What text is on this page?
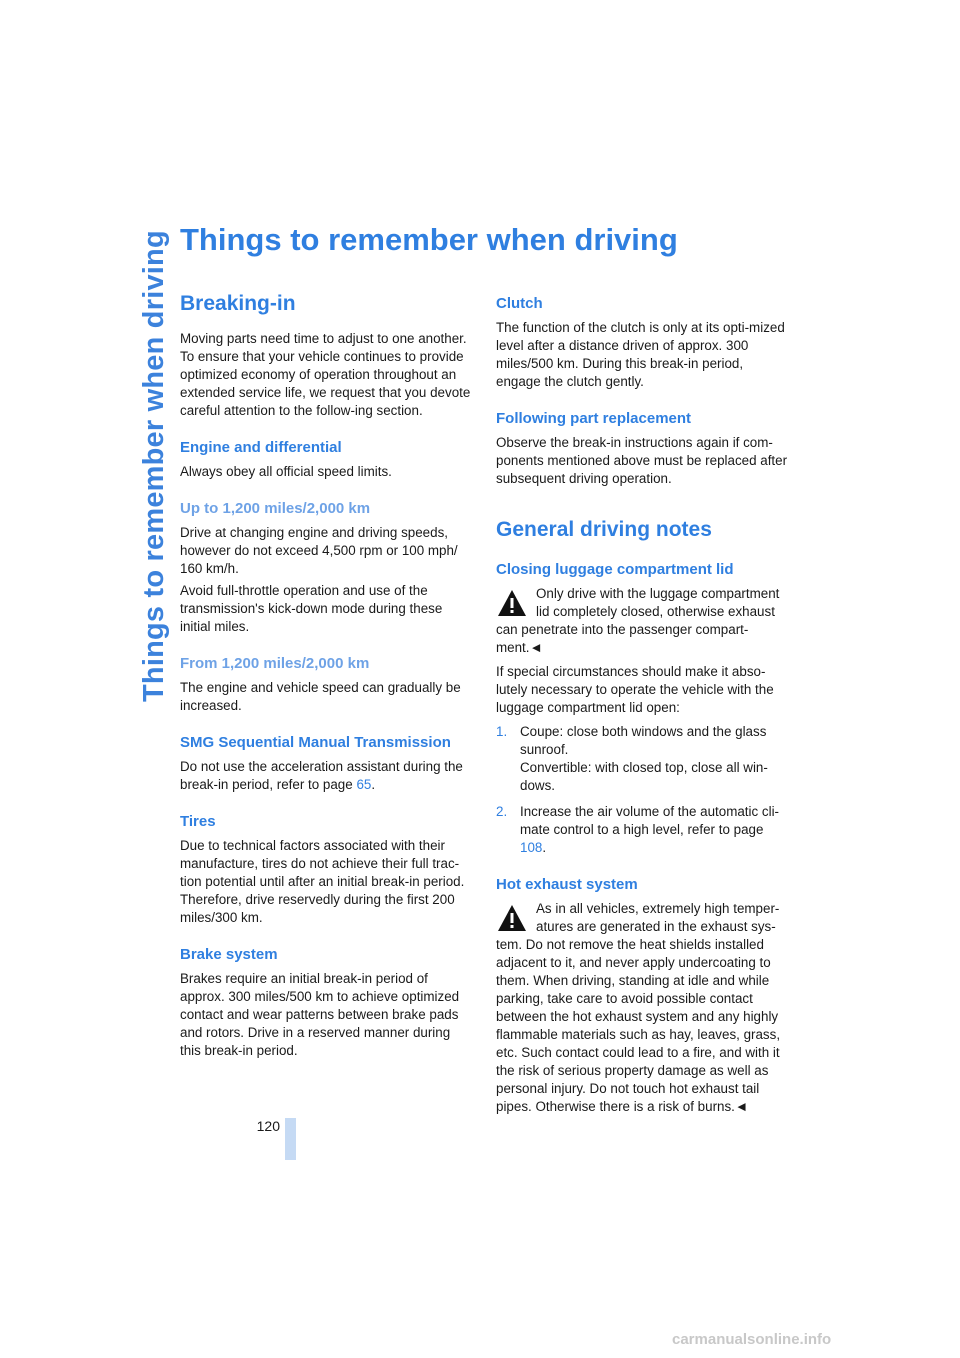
Things to remember when driving Things to remember when driving
Breaking-in

Moving parts need time to adjust to one another. To ensure that your vehicle continues to provide optimized economy of operation throughout an extended service life, we request that you devote careful attention to the follow-ing section.

Engine and differential

Always obey all official speed limits.

Up to 1,200 miles/2,000 km

Drive at changing engine and driving speeds, however do not exceed 4,500 rpm or 100 mph/ 160 km/h.

Avoid full-throttle operation and use of the transmission's kick-down mode during these initial miles.

From 1,200 miles/2,000 km

The engine and vehicle speed can gradually be increased.

SMG Sequential Manual Transmission

Do not use the acceleration assistant during the break-in period, refer to page 65.

Tires

Due to technical factors associated with their manufacture, tires do not achieve their full trac-tion potential until after an initial break-in period. Therefore, drive reservedly during the first 200 miles/300 km.

Brake system

Brakes require an initial break-in period of approx. 300 miles/500 km to achieve optimized contact and wear patterns between brake pads and rotors. Drive in a reserved manner during this break-in period.

Clutch

The function of the clutch is only at its opti-mized level after a distance driven of approx. 300 miles/500 km. During this break-in period, engage the clutch gently.

Following part replacement

Observe the break-in instructions again if com-ponents mentioned above must be replaced after subsequent driving operation.

General driving notes
Closing luggage compartment lid

Only drive with the luggage compartment lid completely closed, otherwise exhaust can penetrate into the passenger compart-ment.◄

If special circumstances should make it abso-lutely necessary to operate the vehicle with the luggage compartment lid open:

1. Coupe: close both windows and the glass sunroof.
Convertible: with closed top, close all win-dows.
2. Increase the air volume of the automatic cli-mate control to a high level, refer to page 108.
Hot exhaust system

As in all vehicles, extremely high temper-atures are generated in the exhaust sys-tem. Do not remove the heat shields installed adjacent to it, and never apply undercoating to them. When driving, standing at idle and while parking, take care to avoid possible contact between the hot exhaust system and any highly flammable materials such as hay, leaves, grass, etc. Such contact could lead to a fire, and with it the risk of serious property damage as well as personal injury. Do not touch hot exhaust tail pipes. Otherwise there is a risk of burns.◄

120
carmanualsonline.info
